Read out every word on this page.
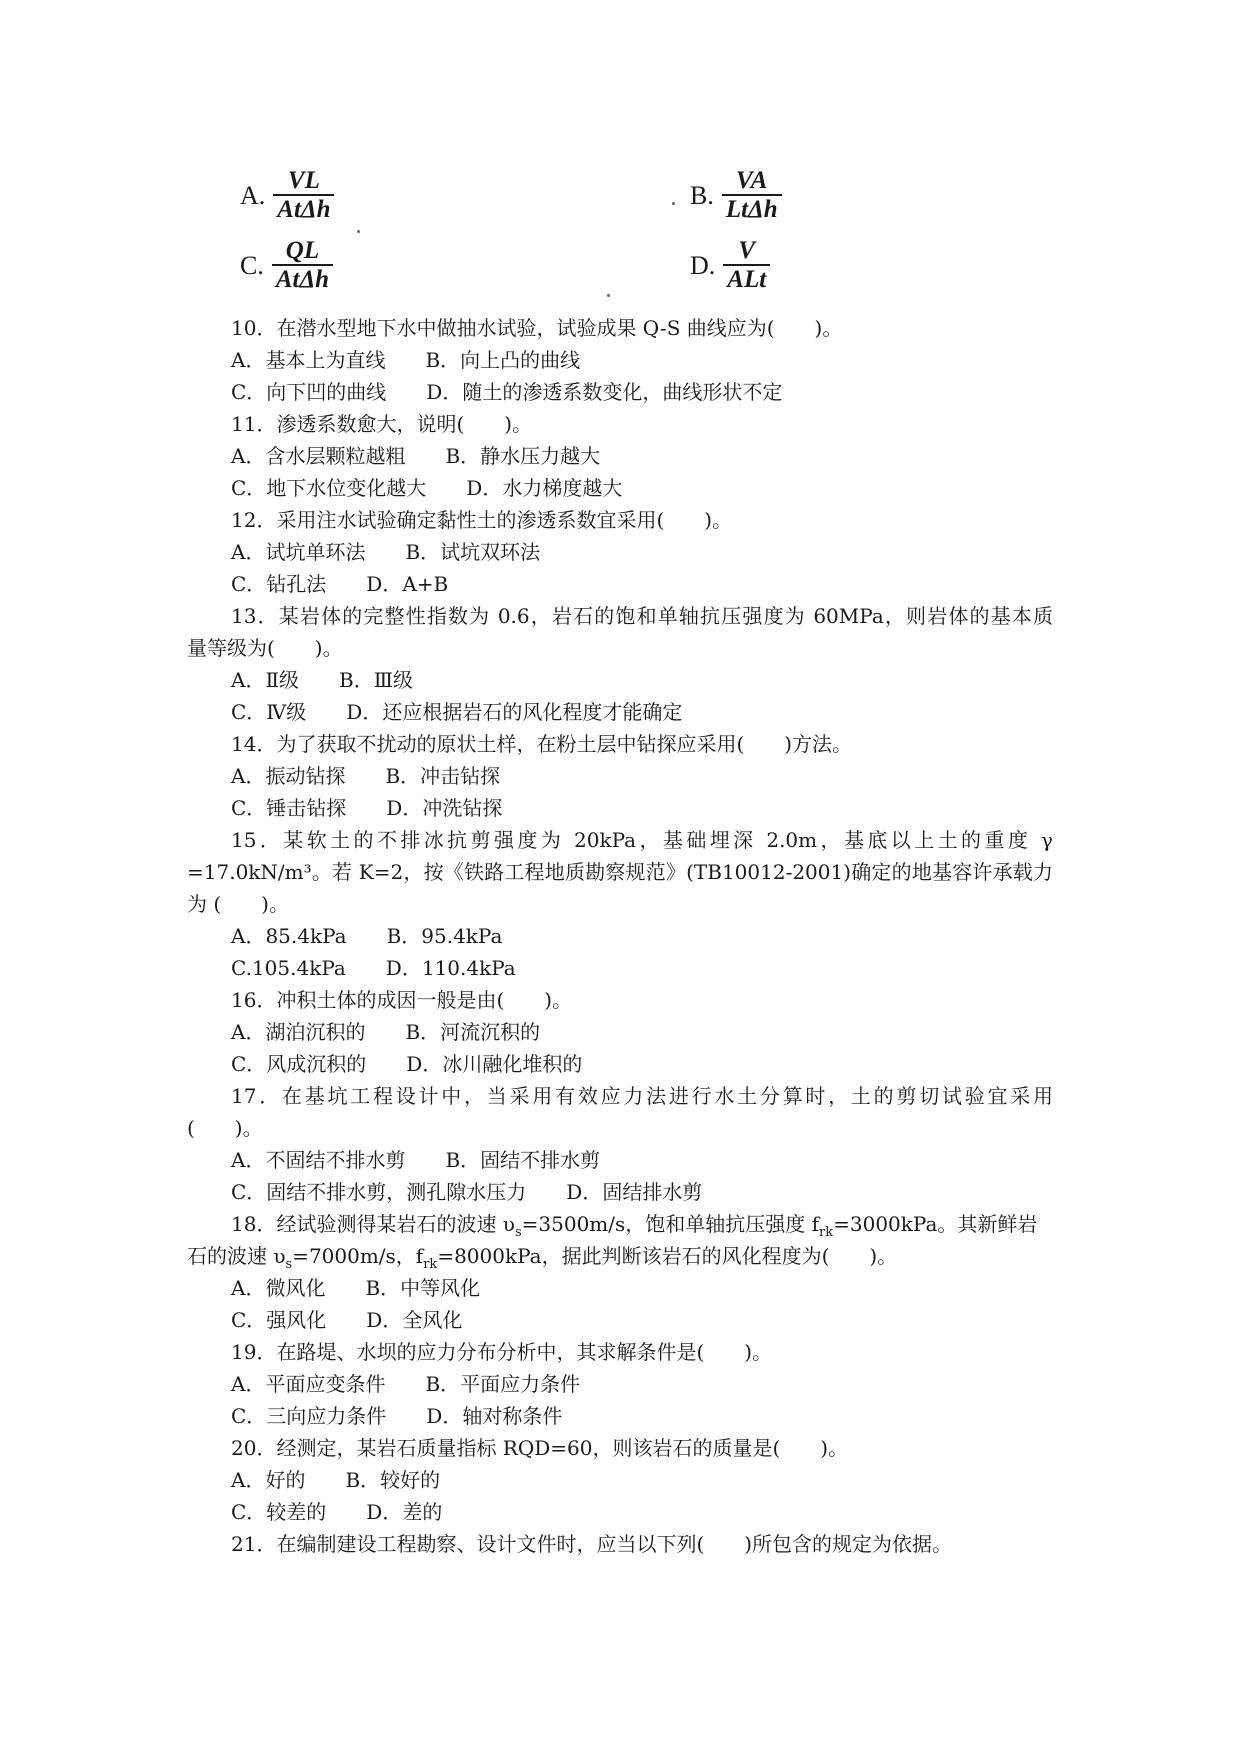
A. $\frac{VL}{\text{AtΔh}}$	B. $\frac{VA}{\text{LtΔh}}$
C. $\frac{QL}{\text{AtΔh}}$	D. $\frac{V}{\text{ALt}}$
10．在潜水型地下水中做抽水试验，试验成果 Q-S 曲线应为(　　)。
A．基本上为直线　　B．向上凸的曲线
C．向下凹的曲线　　D．随土的渗透系数变化，曲线形状不定
11．渗透系数愈大，说明(　　)。
A．含水层颗粒越粗　　B．静水压力越大
C．地下水位变化越大　　D．水力梯度越大
12．采用注水试验确定黏性土的渗透系数宜采用(　　)。
A．试坑单环法　　B．试坑双环法
C．钻孔法　　D．A+B
13．某岩体的完整性指数为 0.6，岩石的饱和单轴抗压强度为 60MPa，则岩体的基本质
量等级为(　　)。
A．Ⅱ级　　B．Ⅲ级
C．Ⅳ级　　D．还应根据岩石的风化程度才能确定
14．为了获取不扰动的原状土样，在粉土层中钻探应采用(　　)方法。
A．振动钻探　　B．冲击钻探
C．锤击钻探　　D．冲洗钻探
15．某软土的不排冰抗剪强度为 20kPa，基础埋深 2.0m，基底以上土的重度 γ
=17.0kN/m³。若 K=2，按《铁路工程地质勘察规范》(TB10012-2001)确定的地基容许承载力
为 (　　)。
A．85.4kPa　　B．95.4kPa
C.105.4kPa　　D．110.4kPa
16．冲积土体的成因一般是由(　　)。
A．湖泊沉积的　　B．河流沉积的
C．风成沉积的　　D．冰川融化堆积的
17．在基坑工程设计中，当采用有效应力法进行水土分算时，土的剪切试验宜采用
(　　)。
A．不固结不排水剪　　B．固结不排水剪
C．固结不排水剪，测孔隙水压力　　D．固结排水剪
18．经试验测得某岩石的波速 $\upsilon_s=3500m/s$，饱和单轴抗压强度 $f_{rk}=3000kPa$。其新鲜岩
石的波速 $\upsilon_s=7000m/s$，$f_{rk}=8000kPa$，据此判断该岩石的风化程度为(　　)。
A．微风化　　B．中等风化
C．强风化　　D．全风化
19．在路堤、水坝的应力分布分析中，其求解条件是(　　)。
A．平面应变条件　　B．平面应力条件
C．三向应力条件　　D．轴对称条件
20．经测定，某岩石质量指标 RQD=60，则该岩石的质量是(　　)。
A．好的　　B．较好的
C．较差的　　D．差的
21．在编制建设工程勘察、设计文件时，应当以下列(　　)所包含的规定为依据。
